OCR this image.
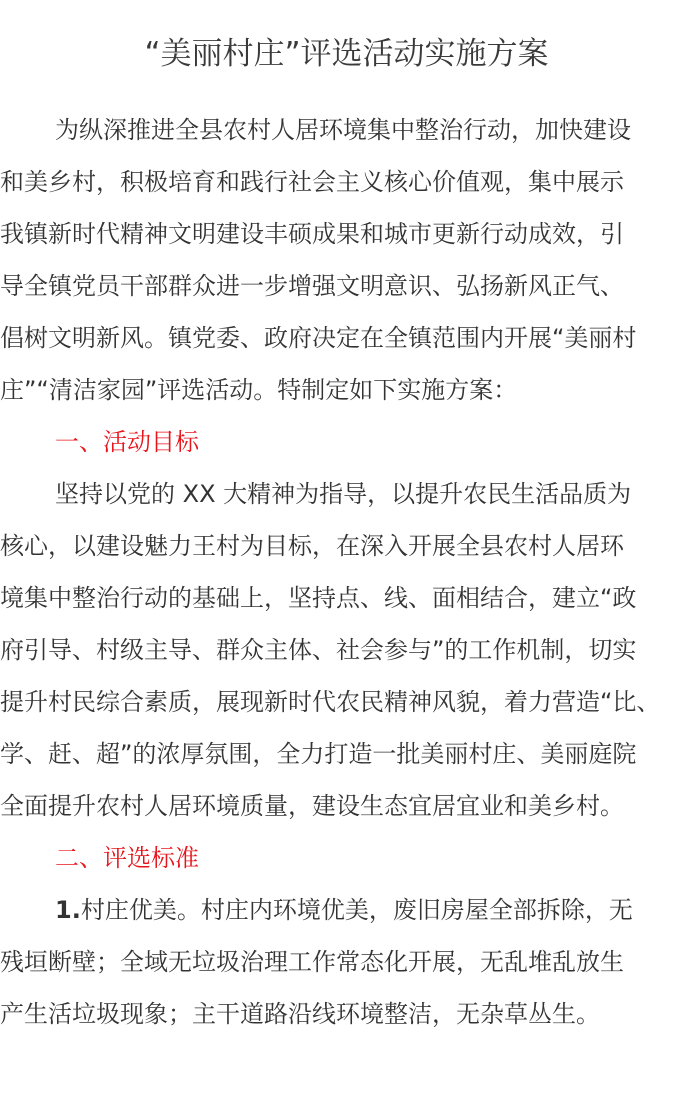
“美丽村庄”评选活动实施方案
为纵深推进全县农村人居环境集中整治行动，加快建设
和美乡村，积极培育和践行社会主义核心价值观，集中展示
我镇新时代精神文明建设丰硕成果和城市更新行动成效，引
导全镇党员干部群众进一步增强文明意识、弘扬新风正气、
倡树文明新风。镇党委、政府决定在全镇范围内开展“美丽村
庄”“清洁家园”评选活动。特制定如下实施方案：
一、活动目标
坚持以党的 XX 大精神为指导，以提升农民生活品质为
核心，以建设魅力王村为目标，在深入开展全县农村人居环
境集中整治行动的基础上，坚持点、线、面相结合，建立“政
府引导、村级主导、群众主体、社会参与”的工作机制，切实
提升村民综合素质，展现新时代农民精神风貌，着力营造“比、
学、赶、超”的浓厚氛围，全力打造一批美丽村庄、美丽庭院
全面提升农村人居环境质量，建设生态宜居宜业和美乡村。
二、评选标准
1.村庄优美。村庄内环境优美，废旧房屋全部拆除，无
残垣断壁；全域无垃圾治理工作常态化开展，无乱堆乱放生
产生活垃圾现象；主干道路沿线环境整洁，无杂草丛生。
